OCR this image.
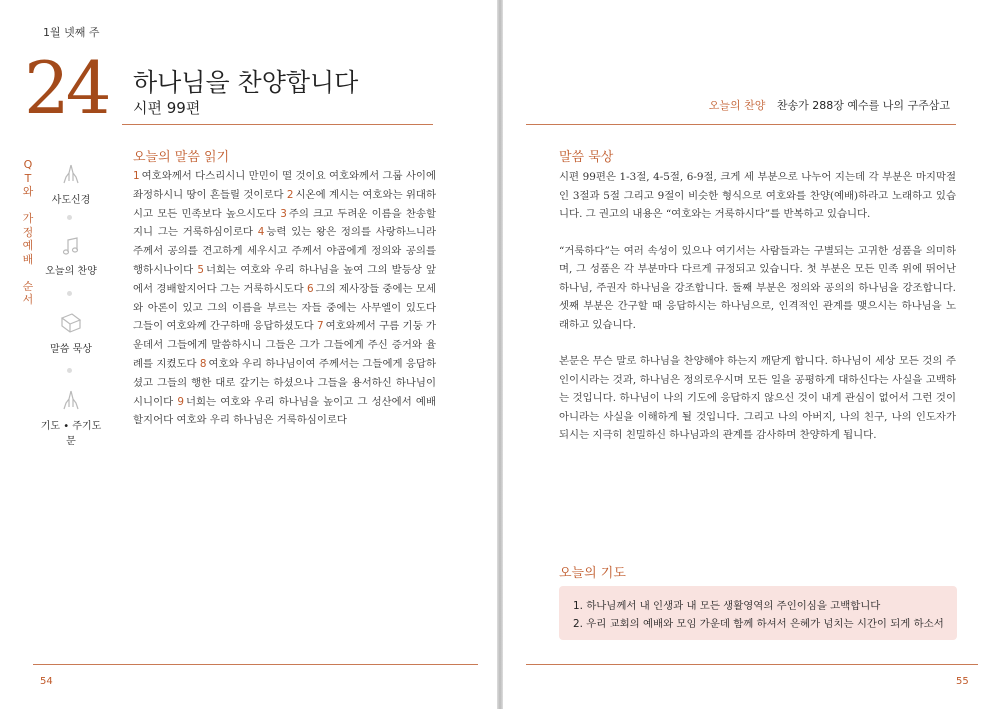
1월 넷째 주
24 하나님을 찬양합니다
시편 99편
Q
T
와

가
정
예
배

순
서
사도신경
오늘의 찬양
말씀 묵상
기도 • 주기도문
오늘의 말씀 읽기
1 여호와께서 다스리시니 만민이 떨 것이요 여호와께서 그룹 사이에 좌정하시니 땅이 흔들릴 것이로다 2 시온에 계시는 여호와는 위대하시고 모든 민족보다 높으시도다 3 주의 크고 두려운 이름을 찬송할지니 그는 거룩하심이로다 4 능력 있는 왕은 정의를 사랑하느니라 주께서 공의를 견고하게 세우시고 주께서 야곱에게 정의와 공의를 행하시나이다 5 너희는 여호와 우리 하나님을 높여 그의 발등상 앞에서 경배할지어다 그는 거룩하시도다 6 그의 제사장들 중에는 모세와 아론이 있고 그의 이름을 부르는 자들 중에는 사무엘이 있도다 그들이 여호와께 간구하매 응답하셨도다 7 여호와께서 구름 기둥 가운데서 그들에게 말씀하시니 그들은 그가 그들에게 주신 증거와 율례를 지켰도다 8 여호와 우리 하나님이여 주께서는 그들에게 응답하셨고 그들의 행한 대로 갚기는 하셨으나 그들을 용서하신 하나님이시니이다 9 너희는 여호와 우리 하나님을 높이고 그 성산에서 예배할지어다 여호와 우리 하나님은 거룩하심이로다
54
오늘의 찬양 찬송가 288장 예수를 나의 구주삼고
말씀 묵상

시편 99편은 1-3절, 4-5절, 6-9절, 크게 세 부분으로 나누어 지는데 각 부분은 마지막절인 3절과 5절 그리고 9절이 비슷한 형식으로 여호와를 찬양(예배)하라고 노래하고 있습니다. 그 권고의 내용은 “여호와는 거룩하시다”를 반복하고 있습니다.

“거룩하다”는 여러 속성이 있으나 여기서는 사람들과는 구별되는 고귀한 성품을 의미하며, 그 성품은 각 부분마다 다르게 규정되고 있습니다. 첫 부분은 모든 민족 위에 뛰어난 하나님, 주권자 하나님을 강조합니다. 둘째 부분은 정의와 공의의 하나님을 강조합니다. 셋째 부분은 간구할 때 응답하시는 하나님으로, 인격적인 관계를 맺으시는 하나님을 노래하고 있습니다.

본문은 무슨 말로 하나님을 찬양해야 하는지 깨닫게 합니다. 하나님이 세상 모든 것의 주인이시라는 것과, 하나님은 정의로우시며 모든 일을 공평하게 대하신다는 사실을 고백하는 것입니다. 하나님이 나의 기도에 응답하지 않으신 것이 내게 관심이 없어서 그런 것이 아니라는 사실을 이해하게 될 것입니다. 그리고 나의 아버지, 나의 친구, 나의 인도자가 되시는 지극히 친밀하신 하나님과의 관계를 감사하며 찬양하게 됩니다.

오늘의 기도
1. 하나님께서 내 인생과 내 모든 생활영역의 주인이심을 고백합니다
2. 우리 교회의 예배와 모임 가운데 함께 하셔서 은혜가 넘치는 시간이 되게 하소서
55
